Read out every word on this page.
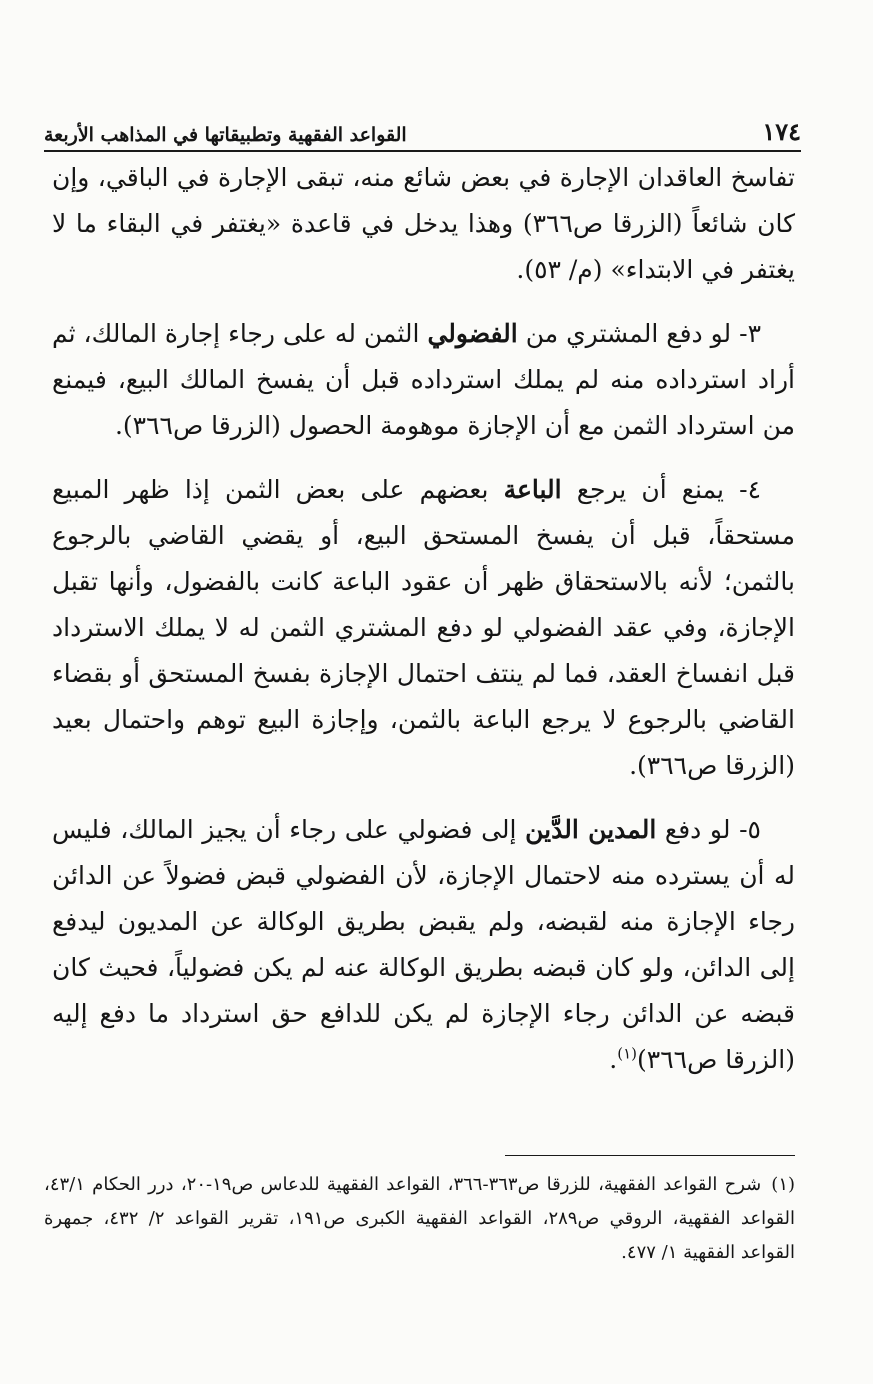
١٧٤
القواعد الفقهية وتطبيقاتها في المذاهب الأربعة

تفاسخ العاقدان الإجارة في بعض شائع منه، تبقى الإجارة في الباقي، وإن كان شائعاً (الزرقا ص٣٦٦) وهذا يدخل في قاعدة «يغتفر في البقاء ما لا يغتفر في الابتداء» (م/ ٥٣).

٣- لو دفع المشتري من الفضولي الثمن له على رجاء إجارة المالك، ثم أراد استرداده منه لم يملك استرداده قبل أن يفسخ المالك البيع، فيمنع من استرداد الثمن مع أن الإجازة موهومة الحصول (الزرقا ص٣٦٦).

٤- يمنع أن يرجع الباعة بعضهم على بعض الثمن إذا ظهر المبيع مستحقاً، قبل أن يفسخ المستحق البيع، أو يقضي القاضي بالرجوع بالثمن؛ لأنه بالاستحقاق ظهر أن عقود الباعة كانت بالفضول، وأنها تقبل الإجازة، وفي عقد الفضولي لو دفع المشتري الثمن له لا يملك الاسترداد قبل انفساخ العقد، فما لم ينتف احتمال الإجازة بفسخ المستحق أو بقضاء القاضي بالرجوع لا يرجع الباعة بالثمن، وإجازة البيع توهم واحتمال بعيد (الزرقا ص٣٦٦).

٥- لو دفع المدين الدَّين إلى فضولي على رجاء أن يجيز المالك، فليس له أن يسترده منه لاحتمال الإجازة، لأن الفضولي قبض فضولاً عن الدائن رجاء الإجازة منه لقبضه، ولم يقبض بطريق الوكالة عن المديون ليدفع إلى الدائن، ولو كان قبضه بطريق الوكالة عنه لم يكن فضولياً، فحيث كان قبضه عن الدائن رجاء الإجازة لم يكن للدافع حق استرداد ما دفع إليه (الزرقا ص٣٦٦)$^{(١)}$.

(١)شرح القواعد الفقهية، للزرقا ص٣٦٣-٣٦٦، القواعد الفقهية للدعاس ص١٩-٢٠، درر الحكام ٤٣/١، القواعد الفقهية، الروقي ص٢٨٩، القواعد الفقهية الكبرى ص١٩١، تقرير القواعد ٢/ ٤٣٢، جمهرة القواعد الفقهية ١/ ٤٧٧.
